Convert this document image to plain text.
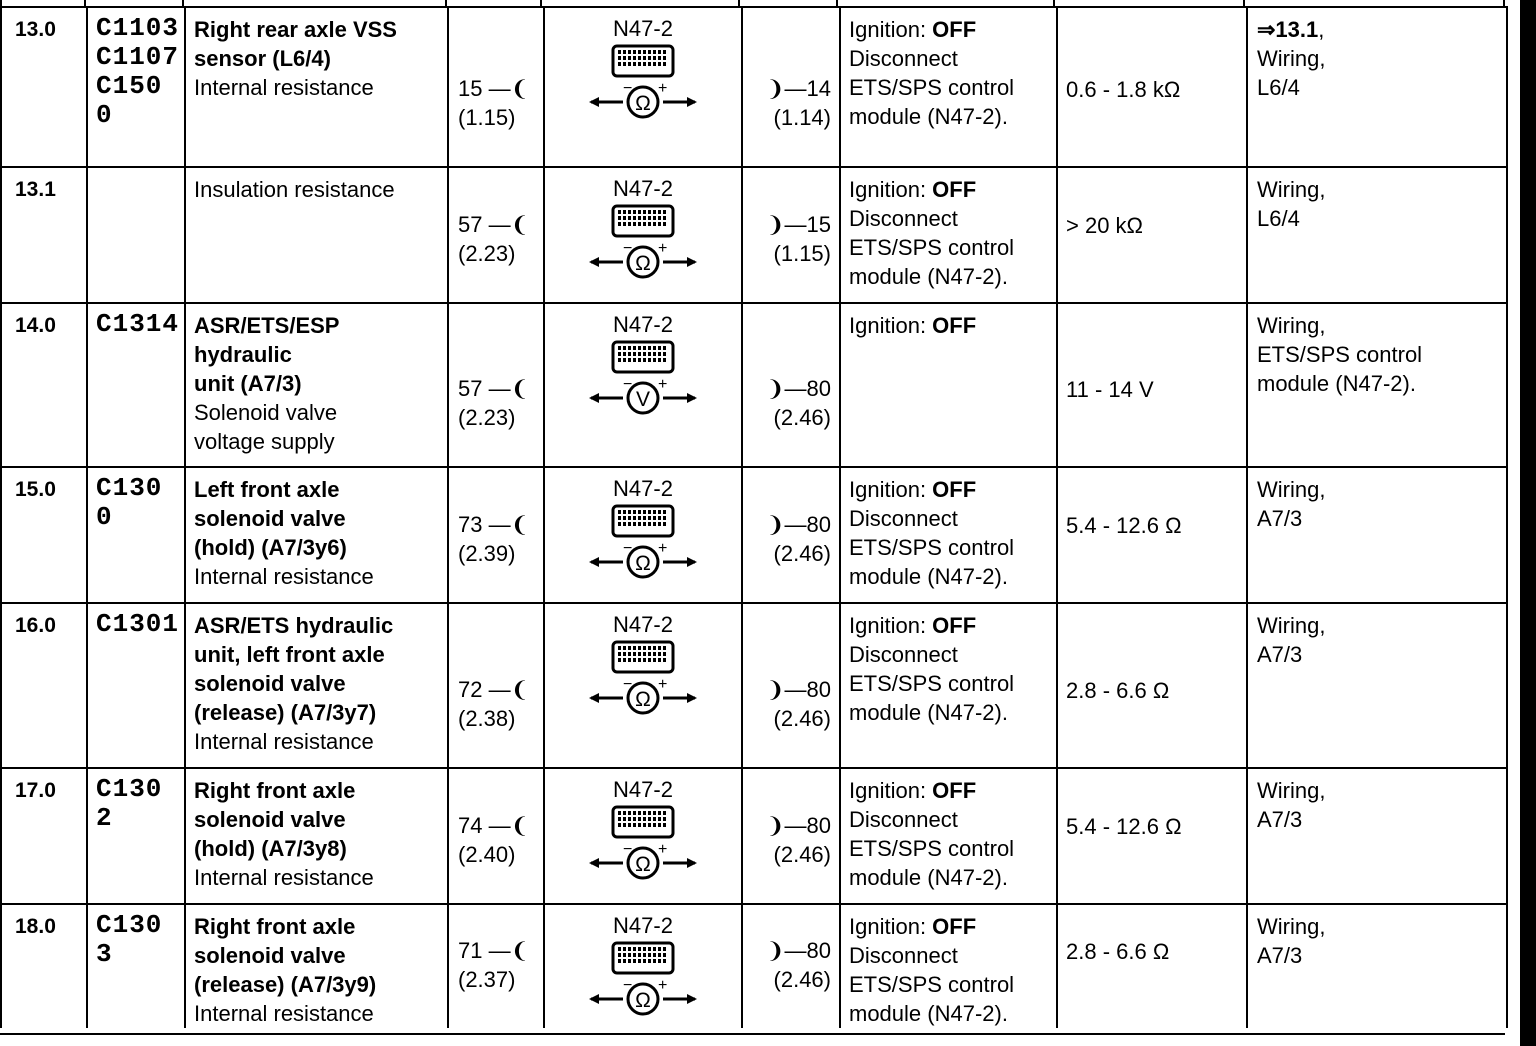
13.0	C1103
C1107
C150
0	Right rear axle VSS
sensor (L6/4)
Internal resistance	15 —❨
(1.15)	N47-2
Ω
− +	❩—14
(1.14)	Ignition: OFF
Disconnect
ETS/SPS control
module (N47-2).	0.6 - 1.8 kΩ	⇒13.1,
Wiring,
L6/4

13.1		Insulation resistance	57 —❨
(2.23)	N47-2
Ω
− +	❩—15
(1.15)	Ignition: OFF
Disconnect
ETS/SPS control
module (N47-2).	> 20 kΩ	Wiring,
L6/4

14.0	C1314	ASR/ETS/ESP
hydraulic
unit (A7/3)
Solenoid valve
voltage supply	57 —❨
(2.23)	N47-2
V
− +	❩—80
(2.46)	Ignition: OFF	11 - 14 V	Wiring,
ETS/SPS control
module (N47-2).

15.0	C130
0	Left front axle
solenoid valve
(hold) (A7/3y6)
Internal resistance	73 —❨
(2.39)	N47-2
Ω
− +	❩—80
(2.46)	Ignition: OFF
Disconnect
ETS/SPS control
module (N47-2).	5.4 - 12.6 Ω	Wiring,
A7/3

16.0	C1301	ASR/ETS hydraulic
unit, left front axle
solenoid valve
(release) (A7/3y7)
Internal resistance	72 —❨
(2.38)	N47-2
Ω
− +	❩—80
(2.46)	Ignition: OFF
Disconnect
ETS/SPS control
module (N47-2).	2.8 - 6.6 Ω	Wiring,
A7/3

17.0	C130
2	Right front axle
solenoid valve
(hold) (A7/3y8)
Internal resistance	74 —❨
(2.40)	N47-2
Ω
− +	❩—80
(2.46)	Ignition: OFF
Disconnect
ETS/SPS control
module (N47-2).	5.4 - 12.6 Ω	Wiring,
A7/3

18.0	C130
3	Right front axle
solenoid valve
(release) (A7/3y9)
Internal resistance	71 —❨
(2.37)	N47-2
Ω
− +	❩—80
(2.46)	Ignition: OFF
Disconnect
ETS/SPS control
module (N47-2).	2.8 - 6.6 Ω	Wiring,
A7/3
